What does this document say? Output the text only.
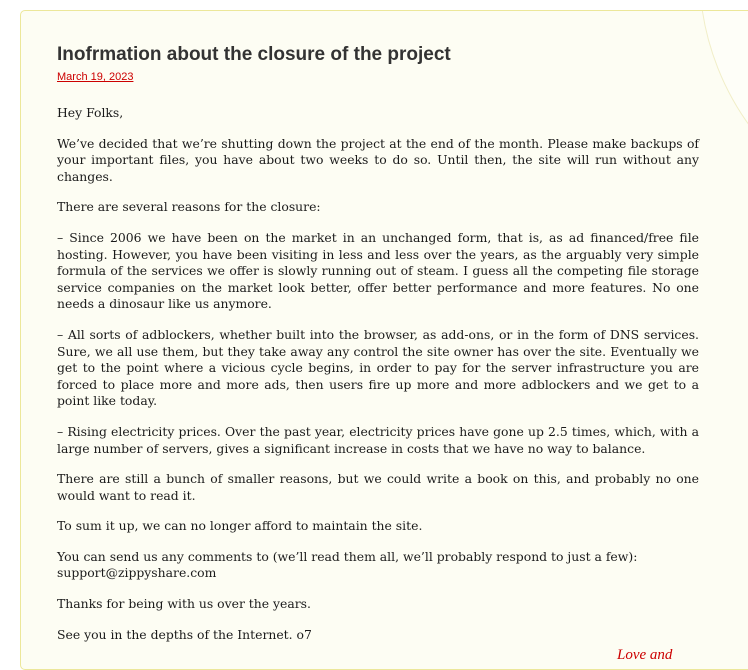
Inofrmation about the closure of the project
March 19, 2023

Hey Folks,

We’ve decided that we’re shutting down the project at the end of the month. Please make backups of your important files, you have about two weeks to do so. Until then, the site will run without any changes.

There are several reasons for the closure:

– Since 2006 we have been on the market in an unchanged form, that is, as ad financed/free file hosting. However, you have been visiting in less and less over the years, as the arguably very simple formula of the services we offer is slowly running out of steam. I guess all the competing file storage service companies on the market look better, offer better performance and more features. No one needs a dinosaur like us anymore.

– All sorts of adblockers, whether built into the browser, as add-ons, or in the form of DNS services. Sure, we all use them, but they take away any control the site owner has over the site. Eventually we get to the point where a vicious cycle begins, in order to pay for the server infrastructure you are forced to place more and more ads, then users fire up more and more adblockers and we get to a point like today.

– Rising electricity prices. Over the past year, electricity prices have gone up 2.5 times, which, with a large number of servers, gives a significant increase in costs that we have no way to balance.

There are still a bunch of smaller reasons, but we could write a book on this, and probably no one would want to read it.

To sum it up, we can no longer afford to maintain the site.

You can send us any comments to (we’ll read them all, we’ll probably respond to just a few):
support@zippyshare.com

Thanks for being with us over the years.

See you in the depths of the Internet. o7

Love and
